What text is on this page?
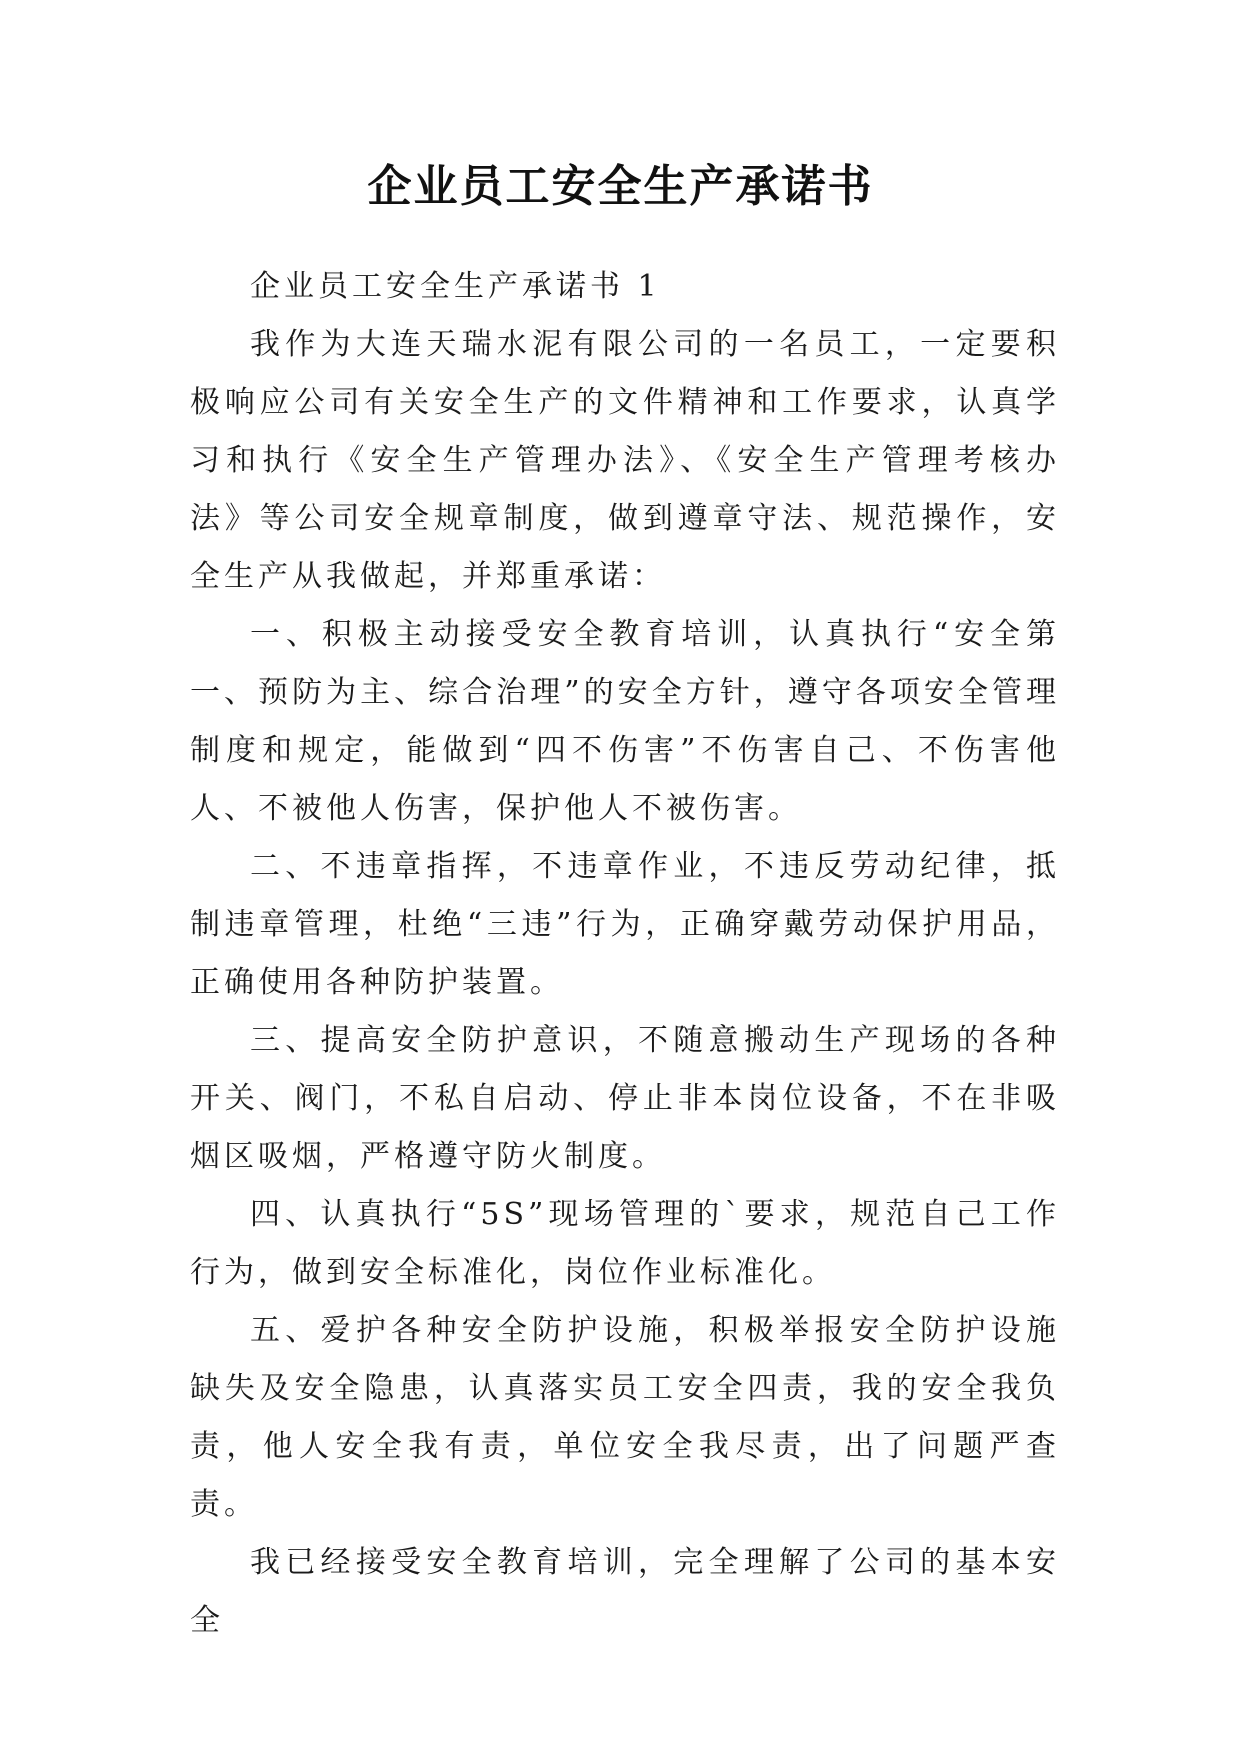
企业员工安全生产承诺书

企业员工安全生产承诺书 1

我作为大连天瑞水泥有限公司的一名员工，一定要积极响应公司有关安全生产的文件精神和工作要求，认真学习和执行《安全生产管理办法》、《安全生产管理考核办法》等公司安全规章制度，做到遵章守法、规范操作，安全生产从我做起，并郑重承诺：

一、积极主动接受安全教育培训，认真执行“安全第一、预防为主、综合治理”的安全方针，遵守各项安全管理制度和规定，能做到“四不伤害”不伤害自己、不伤害他人、不被他人伤害，保护他人不被伤害。

二、不违章指挥，不违章作业，不违反劳动纪律，抵制违章管理，杜绝“三违”行为，正确穿戴劳动保护用品，正确使用各种防护装置。

三、提高安全防护意识，不随意搬动生产现场的各种开关、阀门，不私自启动、停止非本岗位设备，不在非吸烟区吸烟，严格遵守防火制度。

四、认真执行“5S”现场管理的`要求，规范自己工作行为，做到安全标准化，岗位作业标准化。

五、爱护各种安全防护设施，积极举报安全防护设施缺失及安全隐患，认真落实员工安全四责，我的安全我负责，他人安全我有责，单位安全我尽责，出了问题严查责。

我已经接受安全教育培训，完全理解了公司的基本安全
